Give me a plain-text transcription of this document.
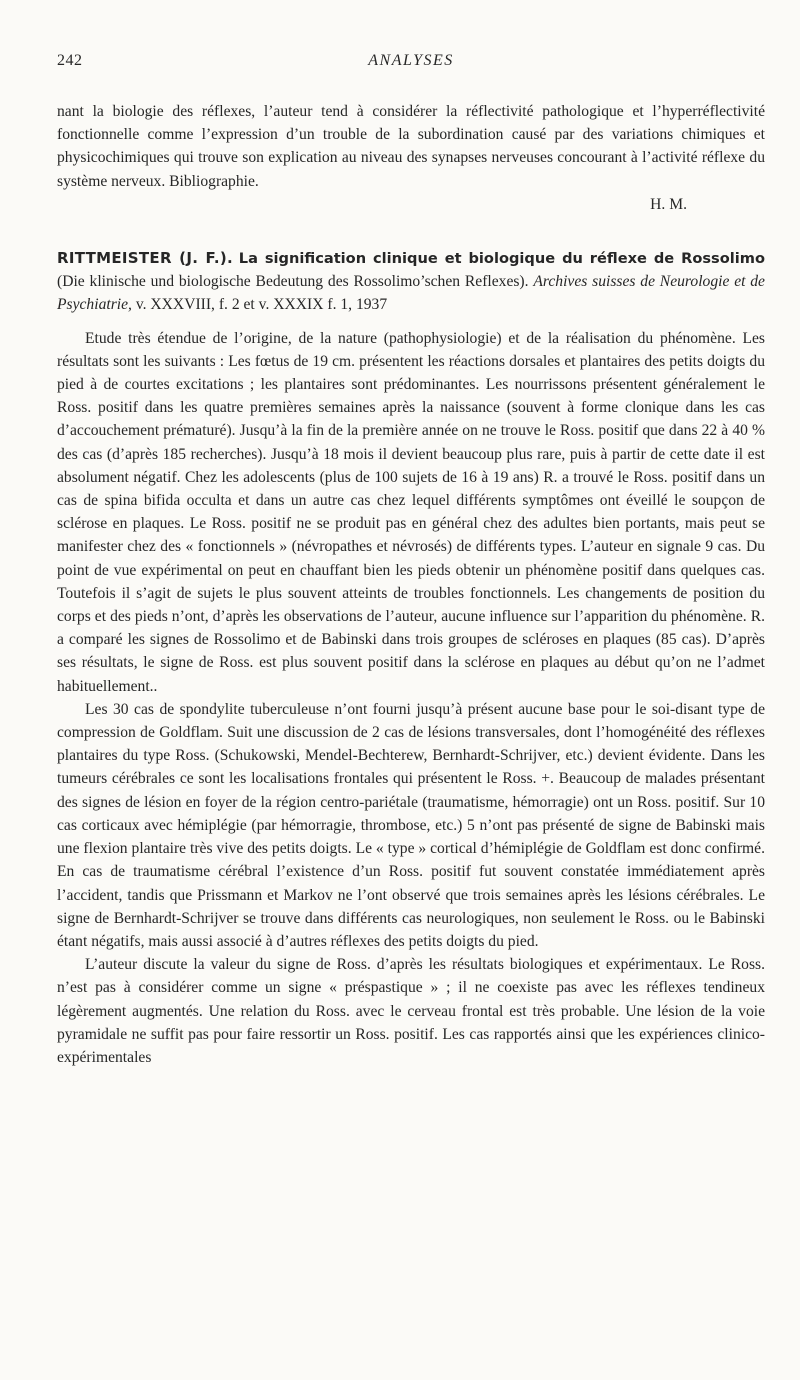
242	ANALYSES

nant la biologie des réflexes, l’auteur tend à considérer la réflectivité pathologique et l’hyperréflectivité fonctionnelle comme l’expression d’un trouble de la subordination causé par des variations chimiques et physicochimiques qui trouve son explication au niveau des synapses nerveuses concourant à l’activité réflexe du système nerveux. Bibliographie.

H. M.

RITTMEISTER (J. F.). La signification clinique et biologique du réflexe de Rossolimo (Die klinische und biologische Bedeutung des Rossolimo’schen Reflexes). Archives suisses de Neurologie et de Psychiatrie, v. XXXVIII, f. 2 et v. XXXIX f. 1, 1937

Etude très étendue de l’origine, de la nature (pathophysiologie) et de la réalisation du phénomène. Les résultats sont les suivants : Les fœtus de 19 cm. présentent les réactions dorsales et plantaires des petits doigts du pied à de courtes excitations ; les plantaires sont prédominantes. Les nourrissons présentent généralement le Ross. positif dans les quatre premières semaines après la naissance (souvent à forme clonique dans les cas d’accouchement prématuré). Jusqu’à la fin de la première année on ne trouve le Ross. positif que dans 22 à 40 % des cas (d’après 185 recherches). Jusqu’à 18 mois il devient beaucoup plus rare, puis à partir de cette date il est absolument négatif. Chez les adolescents (plus de 100 sujets de 16 à 19 ans) R. a trouvé le Ross. positif dans un cas de spina bifida occulta et dans un autre cas chez lequel différents symptômes ont éveillé le soupçon de sclérose en plaques. Le Ross. positif ne se produit pas en général chez des adultes bien portants, mais peut se manifester chez des « fonctionnels » (névropathes et névrosés) de différents types. L’auteur en signale 9 cas. Du point de vue expérimental on peut en chauffant bien les pieds obtenir un phénomène positif dans quelques cas. Toutefois il s’agit de sujets le plus souvent atteints de troubles fonctionnels. Les changements de position du corps et des pieds n’ont, d’après les observations de l’auteur, aucune influence sur l’apparition du phénomène. R. a comparé les signes de Rossolimo et de Babinski dans trois groupes de scléroses en plaques (85 cas). D’après ses résultats, le signe de Ross. est plus souvent positif dans la sclérose en plaques au début qu’on ne l’admet habituellement..

Les 30 cas de spondylite tuberculeuse n’ont fourni jusqu’à présent aucune base pour le soi-disant type de compression de Goldflam. Suit une discussion de 2 cas de lésions transversales, dont l’homogénéité des réflexes plantaires du type Ross. (Schukowski, Mendel-Bechterew, Bernhardt-Schrijver, etc.) devient évidente. Dans les tumeurs cérébrales ce sont les localisations frontales qui présentent le Ross. +. Beaucoup de malades présentant des signes de lésion en foyer de la région centro-pariétale (traumatisme, hémorragie) ont un Ross. positif. Sur 10 cas corticaux avec hémiplégie (par hémorragie, thrombose, etc.) 5 n’ont pas présenté de signe de Babinski mais une flexion plantaire très vive des petits doigts. Le « type » cortical d’hémiplégie de Goldflam est donc confirmé. En cas de traumatisme cérébral l’existence d’un Ross. positif fut souvent constatée immédiatement après l’accident, tandis que Prissmann et Markov ne l’ont observé que trois semaines après les lésions cérébrales. Le signe de Bernhardt-Schrijver se trouve dans différents cas neurologiques, non seulement le Ross. ou le Babinski étant négatifs, mais aussi associé à d’autres réflexes des petits doigts du pied.

L’auteur discute la valeur du signe de Ross. d’après les résultats biologiques et expérimentaux. Le Ross. n’est pas à considérer comme un signe « préspastique » ; il ne coexiste pas avec les réflexes tendineux légèrement augmentés. Une relation du Ross. avec le cerveau frontal est très probable. Une lésion de la voie pyramidale ne suffit pas pour faire ressortir un Ross. positif. Les cas rapportés ainsi que les expériences clinico-expérimentales
